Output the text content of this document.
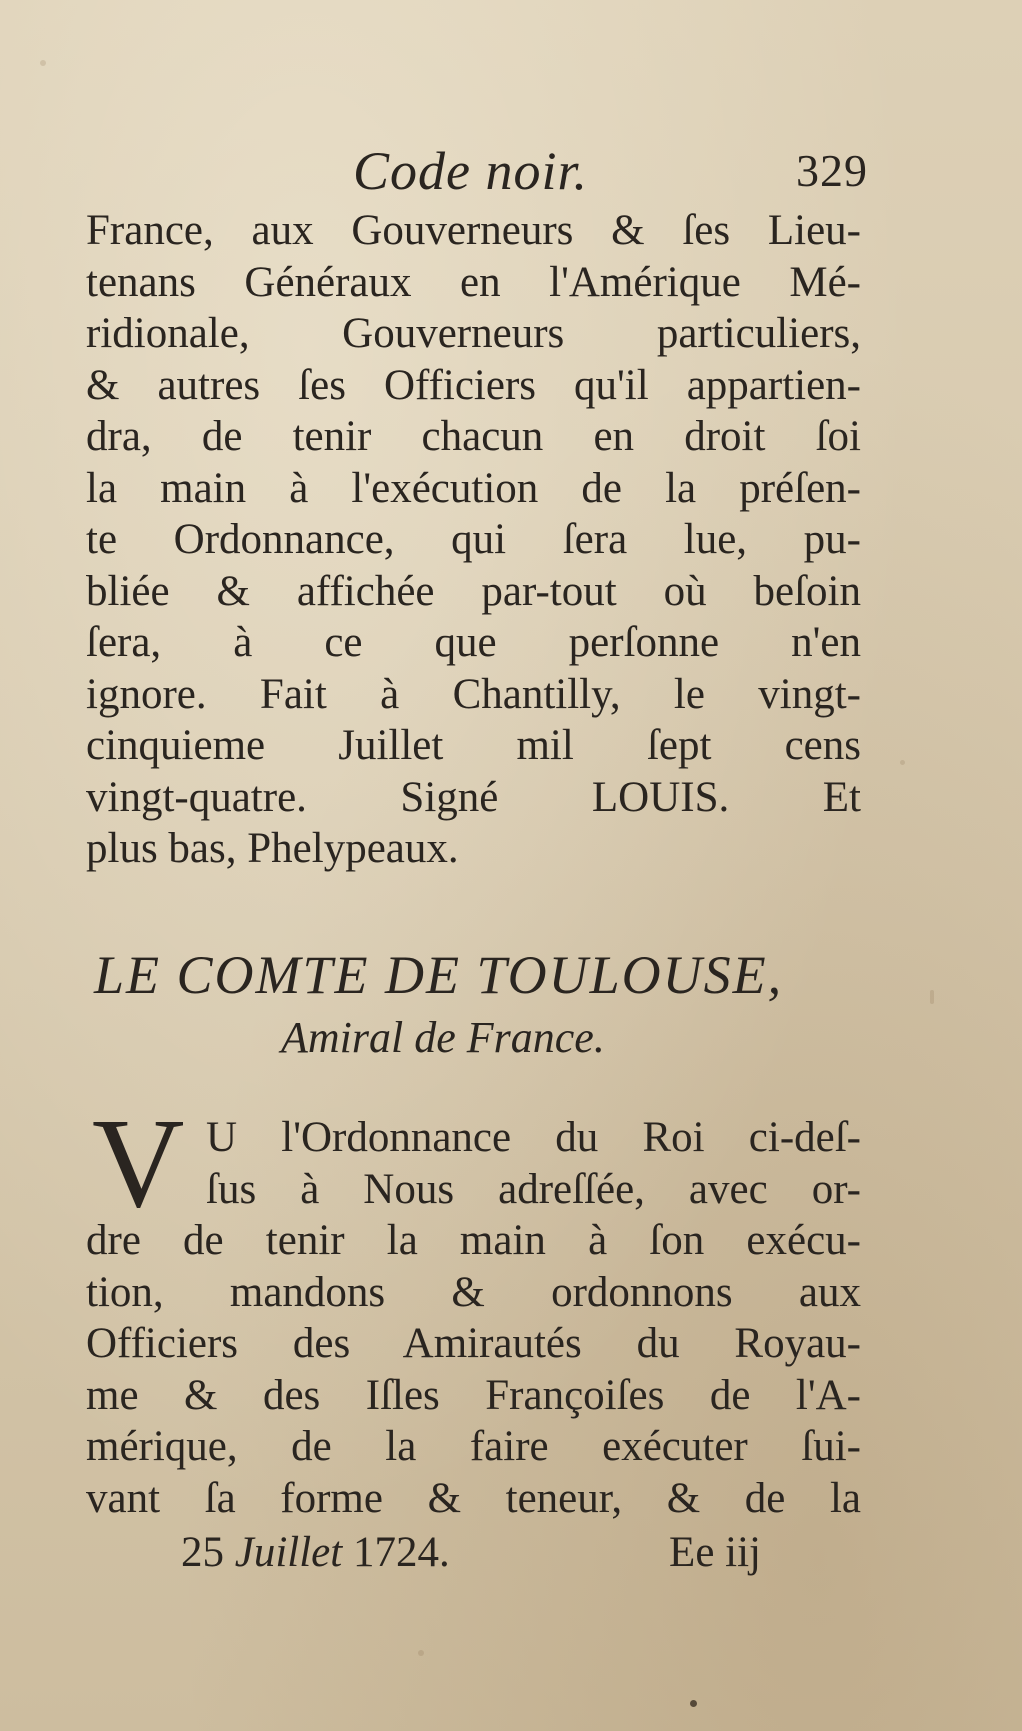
Code noir.	329
France, aux Gouverneurs & ſes Lieu-
tenans Généraux en l'Amérique Mé-
ridionale, Gouverneurs particuliers,
& autres ſes Officiers qu'il appartien-
dra, de tenir chacun en droit ſoi
la main à l'exécution de la préſen-
te Ordonnance, qui ſera lue, pu-
bliée & affichée par-tout où beſoin
ſera, à ce que perſonne n'en
ignore. Fait à Chantilly, le vingt-
cinquieme Juillet mil ſept cens
vingt-quatre. Signé LOUIS. Et
plus bas, Phelypeaux.
LE COMTE DE TOULOUSE,
Amiral de France.
V U l'Ordonnance du Roi ci-deſ-
ſus à Nous adreſſée, avec or-
dre de tenir la main à ſon exécu-
tion, mandons & ordonnons aux
Officiers des Amirautés du Royau-
me & des Iſles Françoiſes de l'A-
mérique, de la faire exécuter ſui-
vant ſa forme & teneur, & de la
25 Juillet 1724.	Ee iij
